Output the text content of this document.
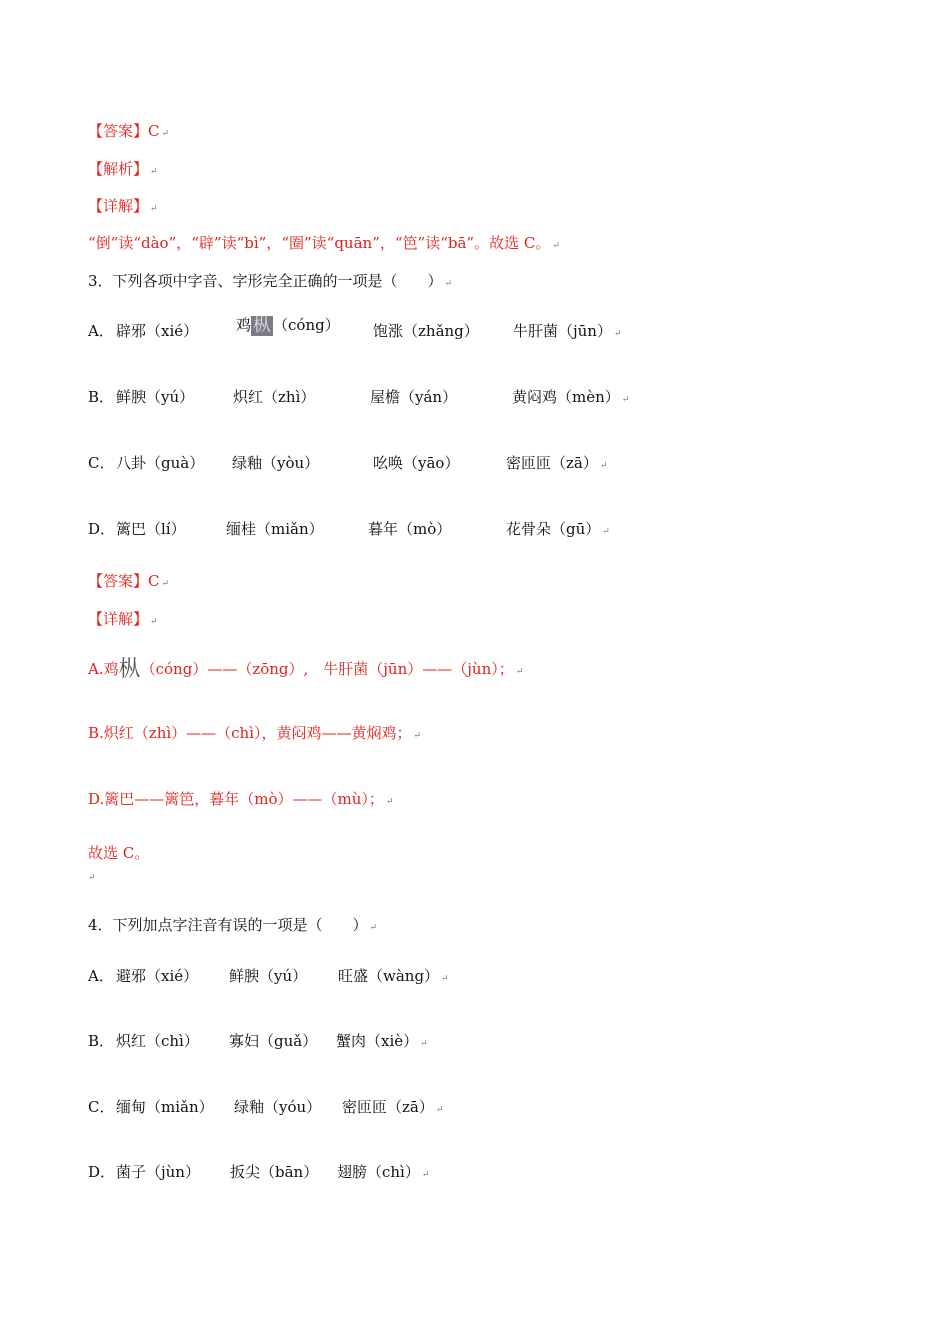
【答案】C ↵
【解析】 ↵
【详解】 ↵
“倒”读“dào”，“辟”读“bì”，“圈”读“quān”，“笆”读“bā”。故选 C。 ↵
3．下列各项中字音、字形完全正确的一项是（　　） ↵
A． 辟邪（xié）	鸡 枞 （cóng） 饱涨（zhǎng） 牛肝菌（jūn） ↵
B． 鲜腴（yú）	炽红（zhì）	屋檐（yán）	黄闷鸡（mèn） ↵
C． 八卦（guà） 绿釉（yòu）	吆唤（yāo）	密匝匝（zā） ↵
D． 篱巴（lí）	缅桂（miǎn）	暮年（mò）	花骨朵（gū） ↵
【答案】C ↵
【详解】 ↵
A.鸡枞（cóng）——（zōng）,　牛肝菌（jūn）——（jùn）； ↵
B.炽红（zhì）——（chì），黄闷鸡——黄焖鸡； ↵
D.篱巴——篱笆，暮年（mò）——（mù）； ↵
故选 C。
↵
4．下列加点字注音有误的一项是（　　） ↵
A． 避邪（xié） 鲜腴（yú） 旺盛（wàng） ↵
B． 炽红（chì） 寡妇（guǎ） 蟹肉（xiè） ↵
C． 缅甸（miǎn） 绿釉（yóu） 密匝匝（zā） ↵
D． 菌子（jùn） 扳尖（bān） 翅膀（chì） ↵
